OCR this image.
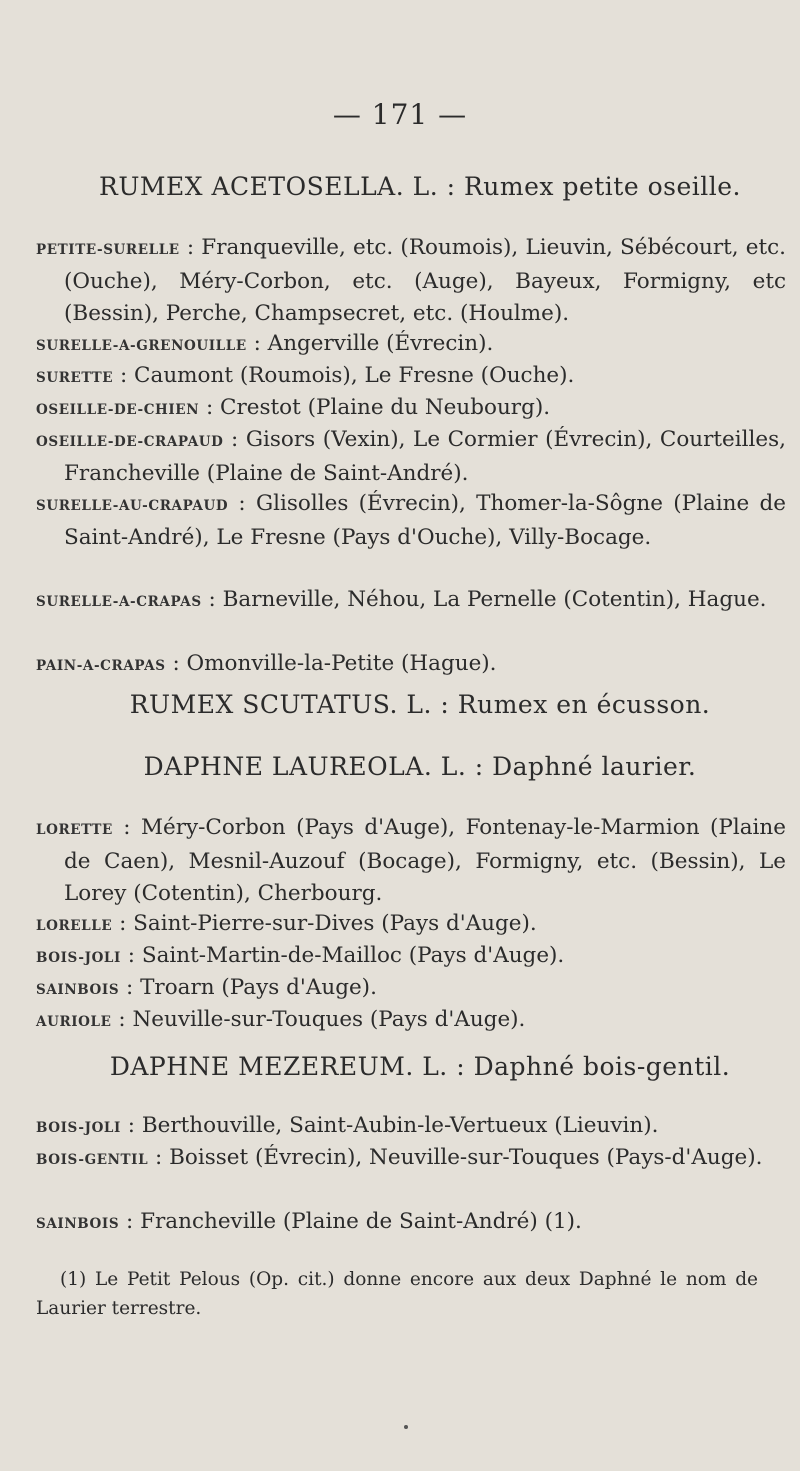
— 171 —
RUMEX ACETOSELLA. L. : Rumex petite oseille.
PETITE-SURELLE : Franqueville, etc. (Roumois), Lieuvin, Sébécourt, etc. (Ouche), Méry-Corbon, etc. (Auge), Bayeux, Formigny, etc (Bessin), Perche, Champsecret, etc. (Houlme).
SURELLE-A-GRENOUILLE : Angerville (Évrecin).
SURETTE : Caumont (Roumois), Le Fresne (Ouche).
OSEILLE-DE-CHIEN : Crestot (Plaine du Neubourg).
OSEILLE-DE-CRAPAUD : Gisors (Vexin), Le Cormier (Évrecin), Courteilles, Francheville (Plaine de Saint-André).
SURELLE-AU-CRAPAUD : Glisolles (Évrecin), Thomer-la-Sôgne (Plaine de Saint-André), Le Fresne (Pays d'Ouche), Villy-Bocage.
SURELLE-A-CRAPAS : Barneville, Néhou, La Pernelle (Cotentin), Hague.
PAIN-A-CRAPAS : Omonville-la-Petite (Hague).
RUMEX SCUTATUS. L. : Rumex en écusson.
DAPHNE LAUREOLA. L. : Daphné laurier.
LORETTE : Méry-Corbon (Pays d'Auge), Fontenay-le-Marmion (Plaine de Caen), Mesnil-Auzouf (Bocage), Formigny, etc. (Bessin), Le Lorey (Cotentin), Cherbourg.
LORELLE : Saint-Pierre-sur-Dives (Pays d'Auge).
BOIS-JOLI : Saint-Martin-de-Mailloc (Pays d'Auge).
SAINBOIS : Troarn (Pays d'Auge).
AURIOLE : Neuville-sur-Touques (Pays d'Auge).
DAPHNE MEZEREUM. L. : Daphné bois-gentil.
BOIS-JOLI : Berthouville, Saint-Aubin-le-Vertueux (Lieuvin).
BOIS-GENTIL : Boisset (Évrecin), Neuville-sur-Touques (Pays-d'Auge).
SAINBOIS : Francheville (Plaine de Saint-André) (1).
(1) Le Petit Pelous (Op. cit.) donne encore aux deux Daphné le nom de Laurier terrestre.
